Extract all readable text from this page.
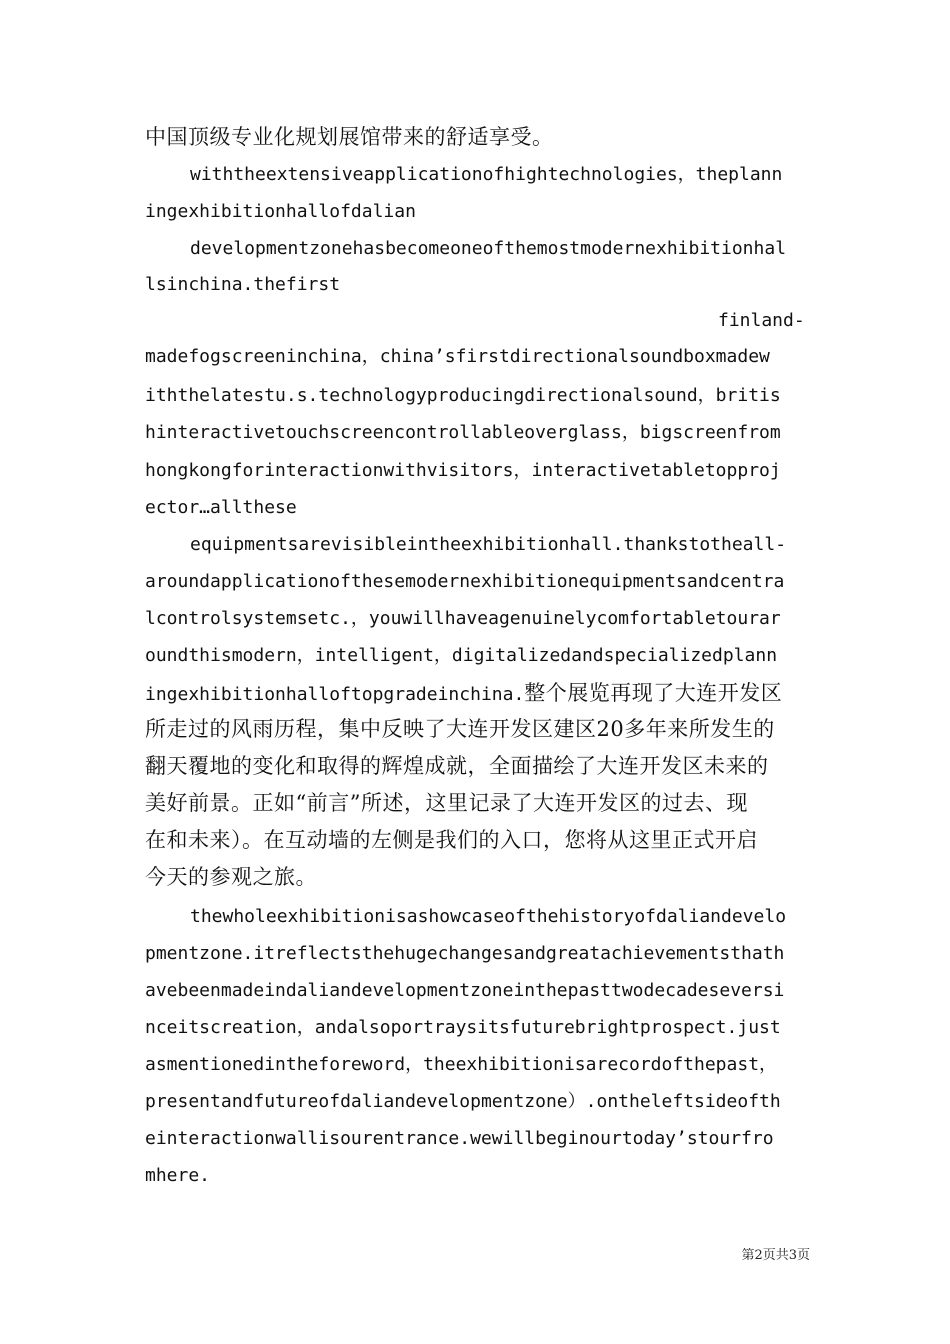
中国顶级专业化规划展馆带来的舒适享受。
withtheextensiveapplicationofhightechnologies，theplann
ingexhibitionhallofdalian
developmentzonehasbecomeoneofthemostmodernexhibitionhal
lsinchina.thefirst
finland-
madefogscreeninchina，china’sfirstdirectionalsoundboxmadew
iththelatestu.s.technologyproducingdirectionalsound，britis
hinteractivetouchscreencontrollableoverglass，bigscreenfrom
hongkongforinteractionwithvisitors，interactivetabletopproj
ector…allthese
equipmentsarevisibleintheexhibitionhall.thankstotheall-
aroundapplicationofthesemodernexhibitionequipmentsandcentra
lcontrolsystemsetc.，youwillhaveagenuinelycomfortabletourar
oundthismodern，intelligent，digitalizedandspecializedplann
ingexhibitionhalloftopgradeinchina.整个展览再现了大连开发区
所走过的风雨历程，集中反映了大连开发区建区20多年来所发生的
翻天覆地的变化和取得的辉煌成就，全面描绘了大连开发区未来的
美好前景。正如“前言”所述，这里记录了大连开发区的过去、现
在和未来）。在互动墙的左侧是我们的入口，您将从这里正式开启
今天的参观之旅。
thewholeexhibitionisashowcaseofthehistoryofdaliandevelo
pmentzone.itreflectsthehugechangesandgreatachievementsthath
avebeenmadeindaliandevelopmentzoneinthepasttwodecadeseversi
nceitscreation，andalsoportraysitsfuturebrightprospect.just
asmentionedintheforeword，theexhibitionisarecordofthepast，
presentandfutureofdaliandevelopmentzone）.ontheleftsideofth
einteractionwallisourentrance.wewillbeginourtoday’stourfro
mhere.
第2页共3页
